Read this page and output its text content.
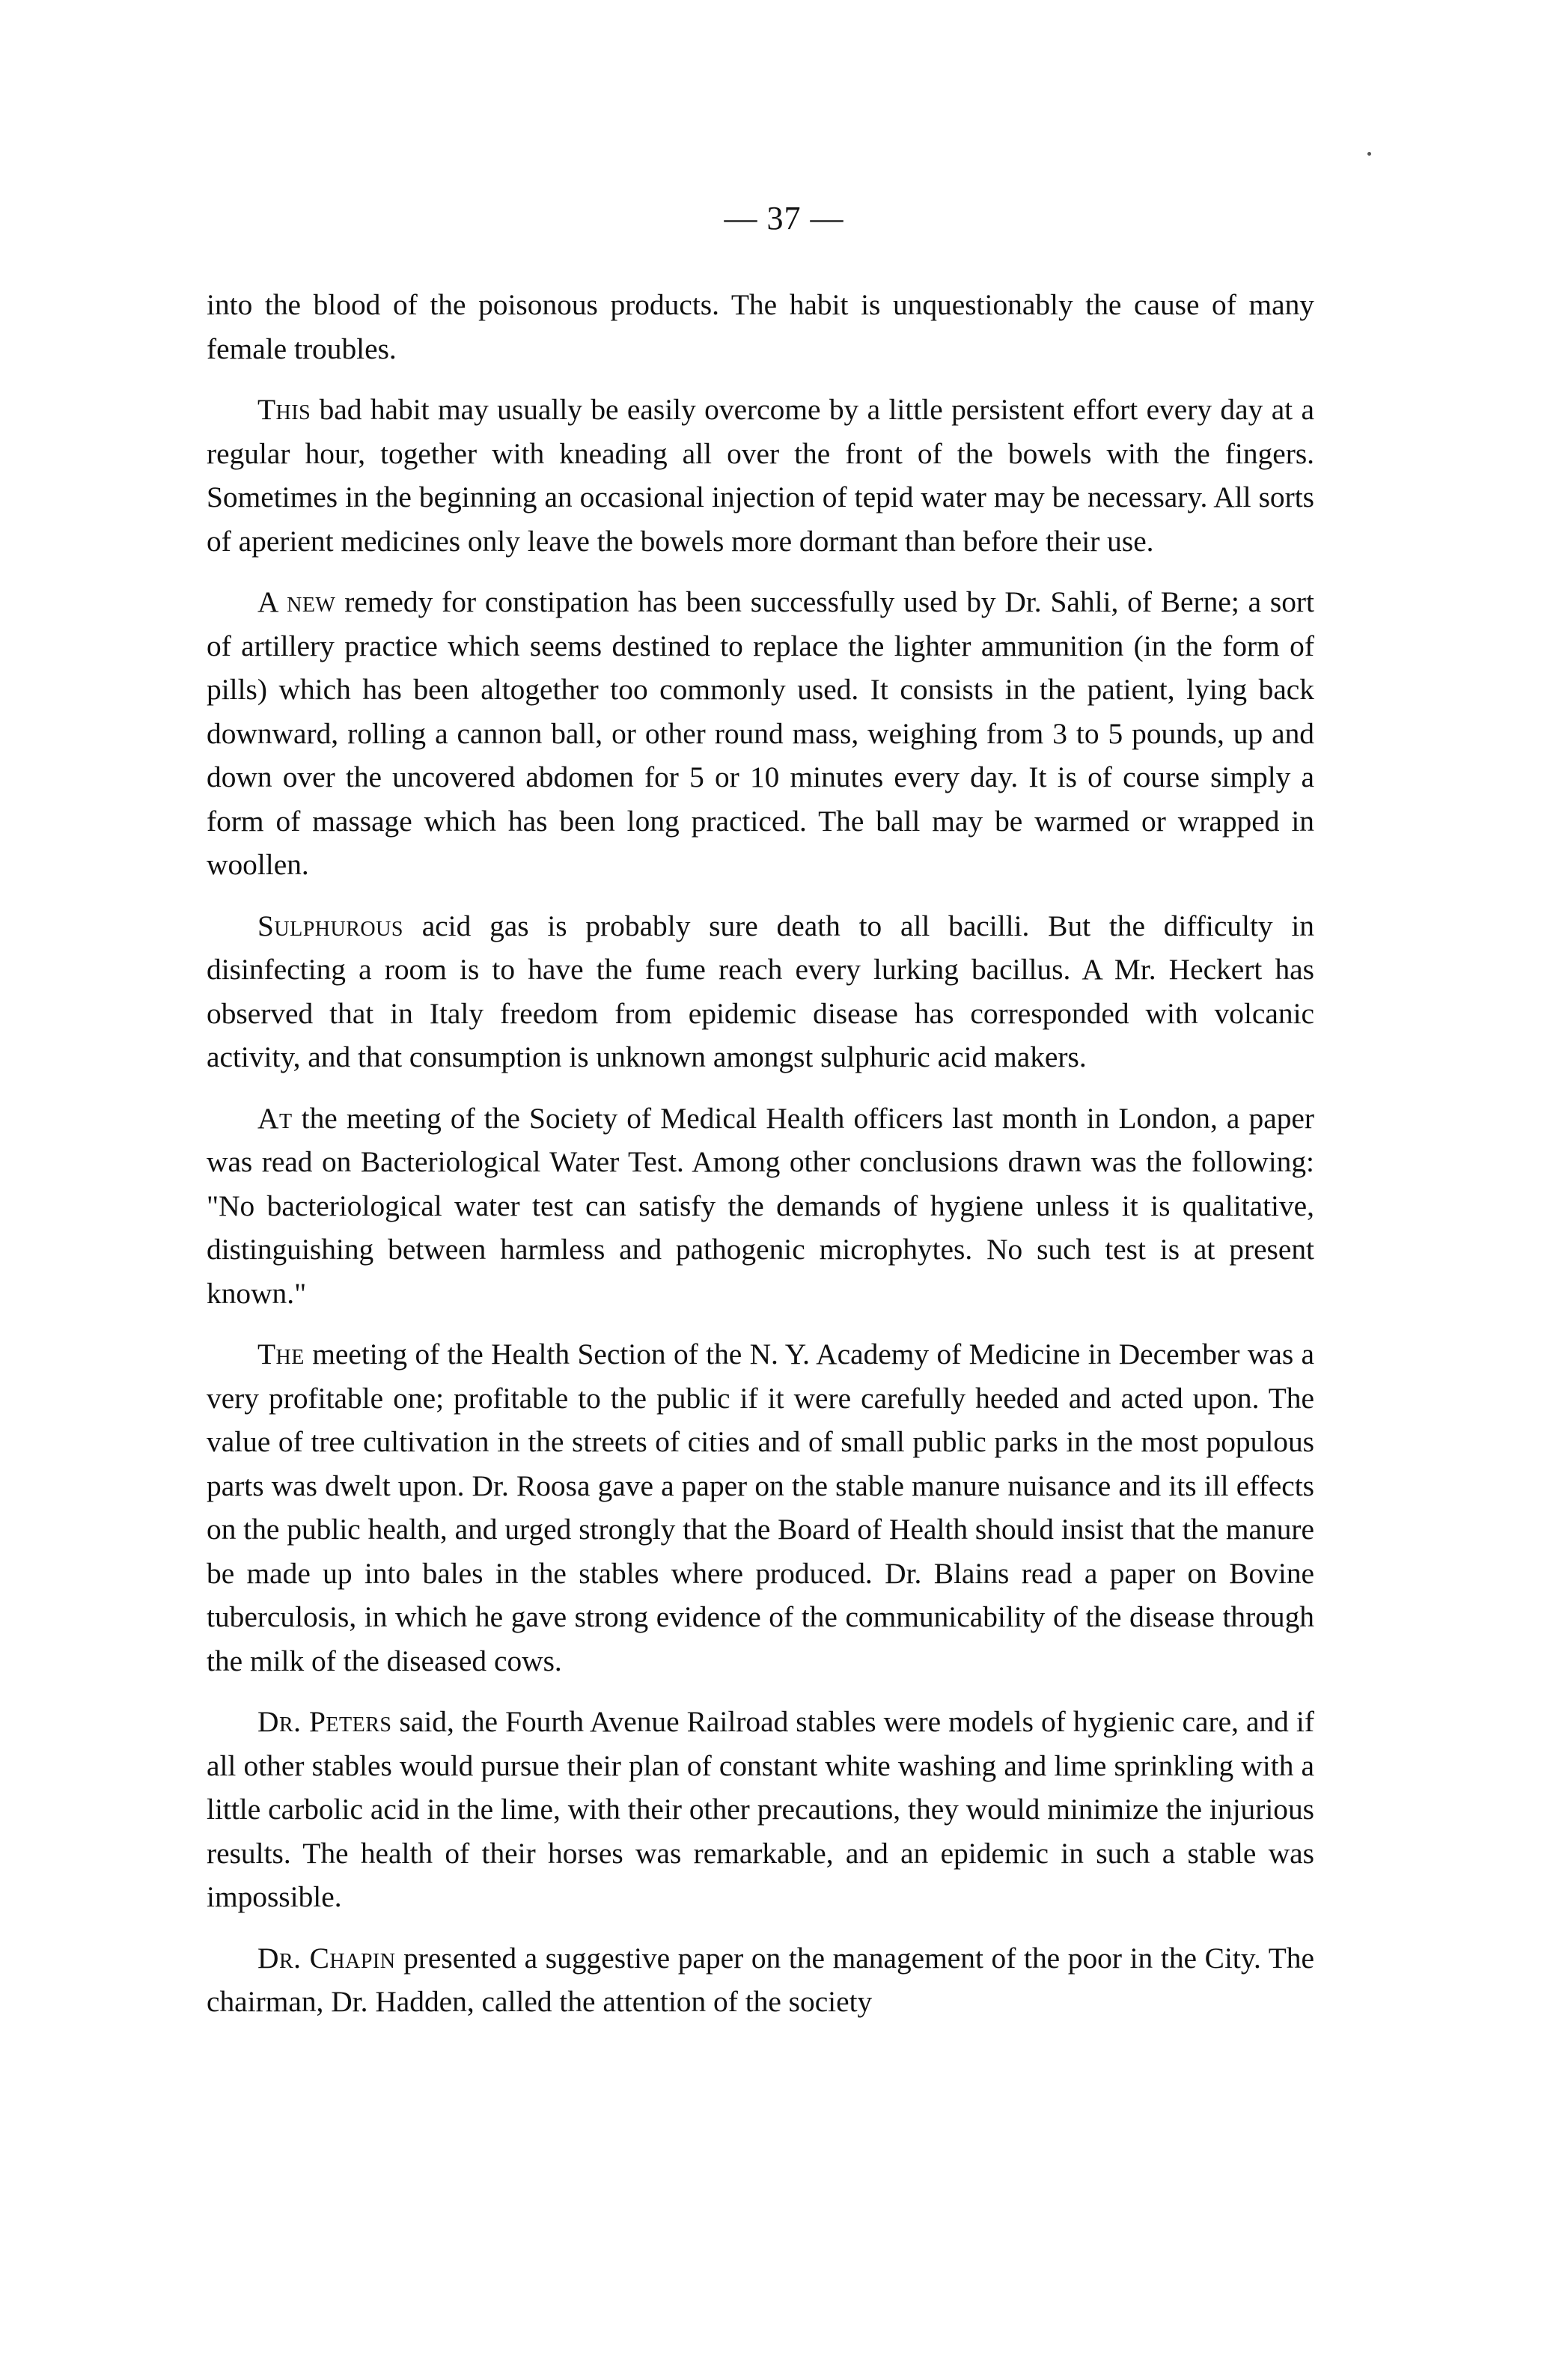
— 37 —

into the blood of the poisonous products. The habit is unquestionably the cause of many female troubles.

This bad habit may usually be easily overcome by a little persistent effort every day at a regular hour, together with kneading all over the front of the bowels with the fingers. Sometimes in the beginning an occasional injection of tepid water may be necessary. All sorts of aperient medicines only leave the bowels more dormant than before their use.

A new remedy for constipation has been successfully used by Dr. Sahli, of Berne; a sort of artillery practice which seems destined to replace the lighter ammunition (in the form of pills) which has been altogether too commonly used. It consists in the patient, lying back downward, rolling a cannon ball, or other round mass, weighing from 3 to 5 pounds, up and down over the uncovered abdomen for 5 or 10 minutes every day. It is of course simply a form of massage which has been long practiced. The ball may be warmed or wrapped in woollen.

Sulphurous acid gas is probably sure death to all bacilli. But the difficulty in disinfecting a room is to have the fume reach every lurking bacillus. A Mr. Heckert has observed that in Italy freedom from epidemic disease has corresponded with volcanic activity, and that consumption is unknown amongst sulphuric acid makers.

At the meeting of the Society of Medical Health officers last month in London, a paper was read on Bacteriological Water Test. Among other conclusions drawn was the following: "No bacteriological water test can satisfy the demands of hygiene unless it is qualitative, distinguishing between harmless and pathogenic microphytes. No such test is at present known."

The meeting of the Health Section of the N. Y. Academy of Medicine in December was a very profitable one; profitable to the public if it were carefully heeded and acted upon. The value of tree cultivation in the streets of cities and of small public parks in the most populous parts was dwelt upon. Dr. Roosa gave a paper on the stable manure nuisance and its ill effects on the public health, and urged strongly that the Board of Health should insist that the manure be made up into bales in the stables where produced. Dr. Blains read a paper on Bovine tuberculosis, in which he gave strong evidence of the communicability of the disease through the milk of the diseased cows.

Dr. Peters said, the Fourth Avenue Railroad stables were models of hygienic care, and if all other stables would pursue their plan of constant white washing and lime sprinkling with a little carbolic acid in the lime, with their other precautions, they would minimize the injurious results. The health of their horses was remarkable, and an epidemic in such a stable was impossible.

Dr. Chapin presented a suggestive paper on the management of the poor in the City. The chairman, Dr. Hadden, called the attention of the society
